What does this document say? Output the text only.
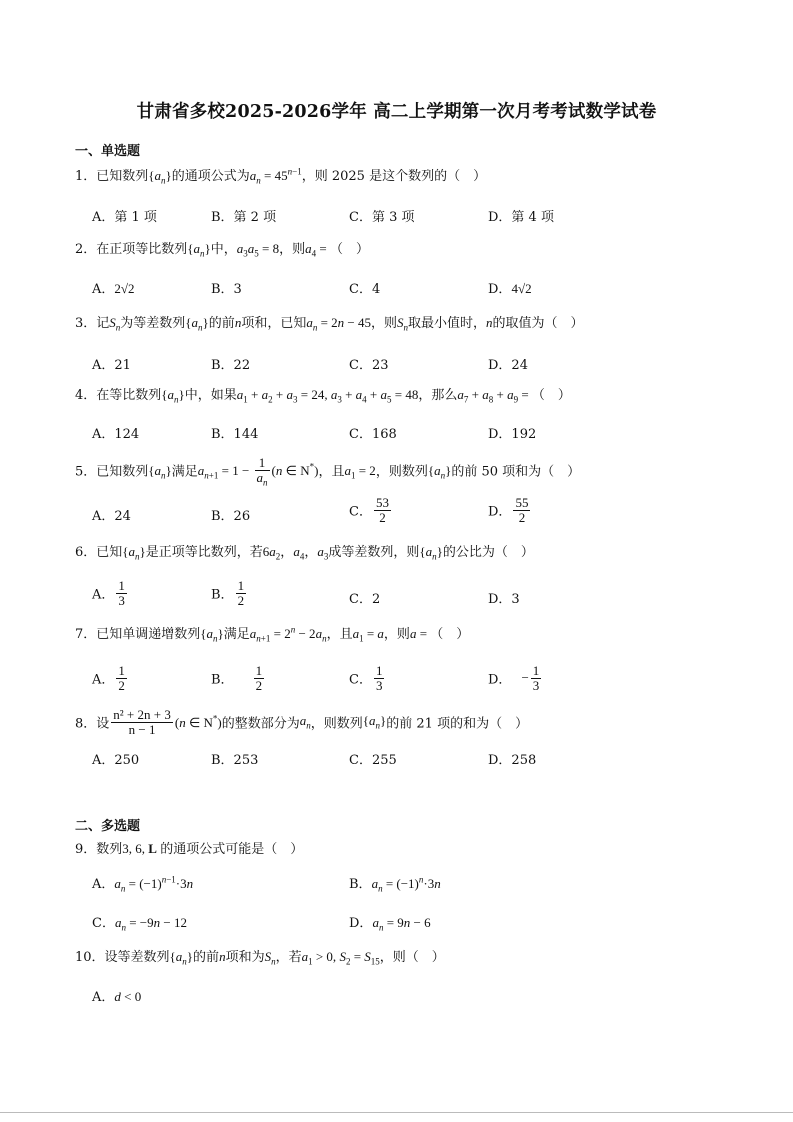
甘肃省多校2025-2026学年 高二上学期第一次月考考试数学试卷
一、单选题
1．已知数列$\{a_n\}$的通项公式为$a_n = 45^{n-1}$，则 2025 是这个数列的（　）
A．第 1 项	B．第 2 项	C．第 3 项	D．第 4 项
2．在正项等比数列$\{a_n\}$中，$a_3a_5 = 8$，则$a_4$ = （　）
A．2√2	B．3	C．4	D．4√2
3．记$S_n$为等差数列$\{a_n\}$的前n项和，已知$a_n = 2n - 45$，则$S_n$取最小值时，n的取值为（　）
A．21	B．22	C．23	D．24
4．在等比数列$\{a_n\}$中，如果$a_1 + a_2 + a_3 = 24$, $a_3 + a_4 + a_5 = 48$，那么$a_7 + a_8 + a_9$ = （　）
A．124	B．144	C．168	D．192
5．已知数列$\{a_n\}$满足$a_{n+1} = 1 - \frac{1}{a_n} (n$ ∈ N*)，且$a_1 = 2$，则数列$\{a_n\}$的前 50 项和为（　）
A．24	B．26	C． $\frac{53}{2}$	D． $\frac{55}{2}$
6．已知$\{a_n\}$是正项等比数列，若$6a_2$，$a_4$，$a_3$成等差数列，则$\{a_n\}$的公比为（　）
A． $\frac{1}{3}$	B． $\frac{1}{2}$	C．2	D．3
7．已知单调递增数列$\{a_n\}$满足$a_{n+1} = 2^n - 2a_n$，且$a_1 = a$，则a = （　）
A． $\frac{1}{2}$	B． $\frac{1}{2}$	C． $\frac{1}{3}$	D． − $\frac{1}{3}$
8．设 $\frac{\text{n² + 2n + 3}}{n - 1} (n$ ∈ N*)的整数部分为$a_n$，则数列$\{a_n\}$的前 21 项的和为（　）
A．250	B．253	C．255	D．258
二、多选题
9．数列3, 6, L 的通项公式可能是（　）
A．$a_n = (-1)^{n-1}\cdot 3n$	B．$a_n = (-1)^n\cdot 3n$
C．$a_n = -9n - 12$	D．$a_n = 9n - 6$
10．设等差数列$\{a_n\}$的前n项和为$S_n$，若$a_1 > 0$, $S_2 = S_{15}$，则（　）
A．d < 0
